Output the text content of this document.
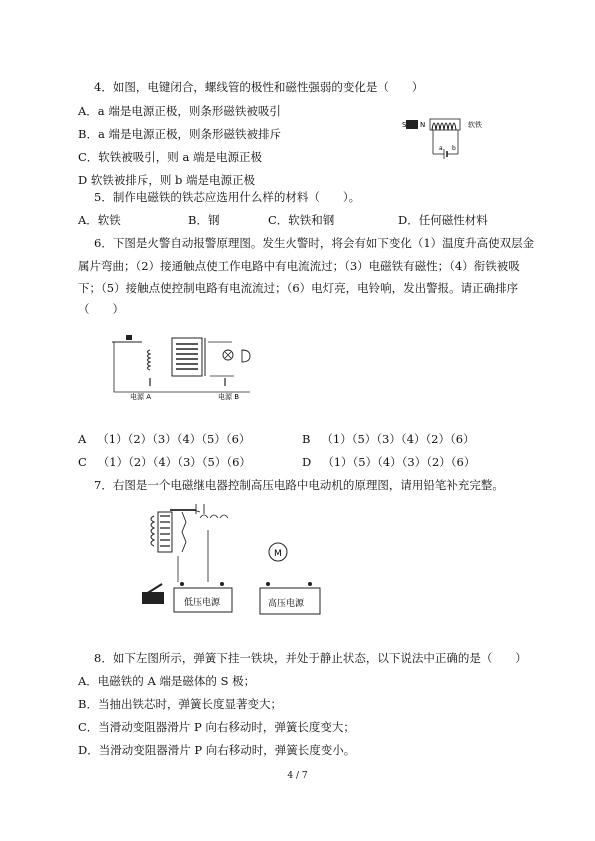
4．如图，电键闭合，螺线管的极性和磁性强弱的变化是（　　）
A．a 端是电源正极，则条形磁铁被吸引
B．a 端是电源正极，则条形磁铁被排斥
C．软铁被吸引，则 a 端是电源正极
D 软铁被排斥，则 b 端是电源正极
S N	软铁
a b
5．制作电磁铁的铁芯应选用什么样的材料（　　）。
A．软铁	B．钢	C．软铁和钢	D．任何磁性材料
6．下图是火警自动报警原理图。发生火警时，将会有如下变化（1）温度升高使双层金
属片弯曲；（2）接通触点使工作电路中有电流流过；（3）电磁铁有磁性；（4）衔铁被吸
下；（5）接触点使控制电路有电流流过；（6）电灯亮，电铃响，发出警报。请正确排序
（　　）
电源 A	电源 B
A （1）（2）（3）（4）（5）（6）	B （1）（5）（3）（4）（2）（6）
C （1）（2）（4）（3）（5）（6）	D （1）（5）（4）（3）（2）（6）
7．右图是一个电磁继电器控制高压电路中电动机的原理图，请用铅笔补充完整。
M
低压电源	高压电源
8．如下左图所示，弹簧下挂一铁块，并处于静止状态，以下说法中正确的是（　　）
A．电磁铁的 A 端是磁体的 S 极；
B．当抽出铁芯时，弹簧长度显著变大；
C．当滑动变阻器滑片 P 向右移动时，弹簧长度变大；
D．当滑动变阻器滑片 P 向右移动时，弹簧长度变小。
4 / 7
